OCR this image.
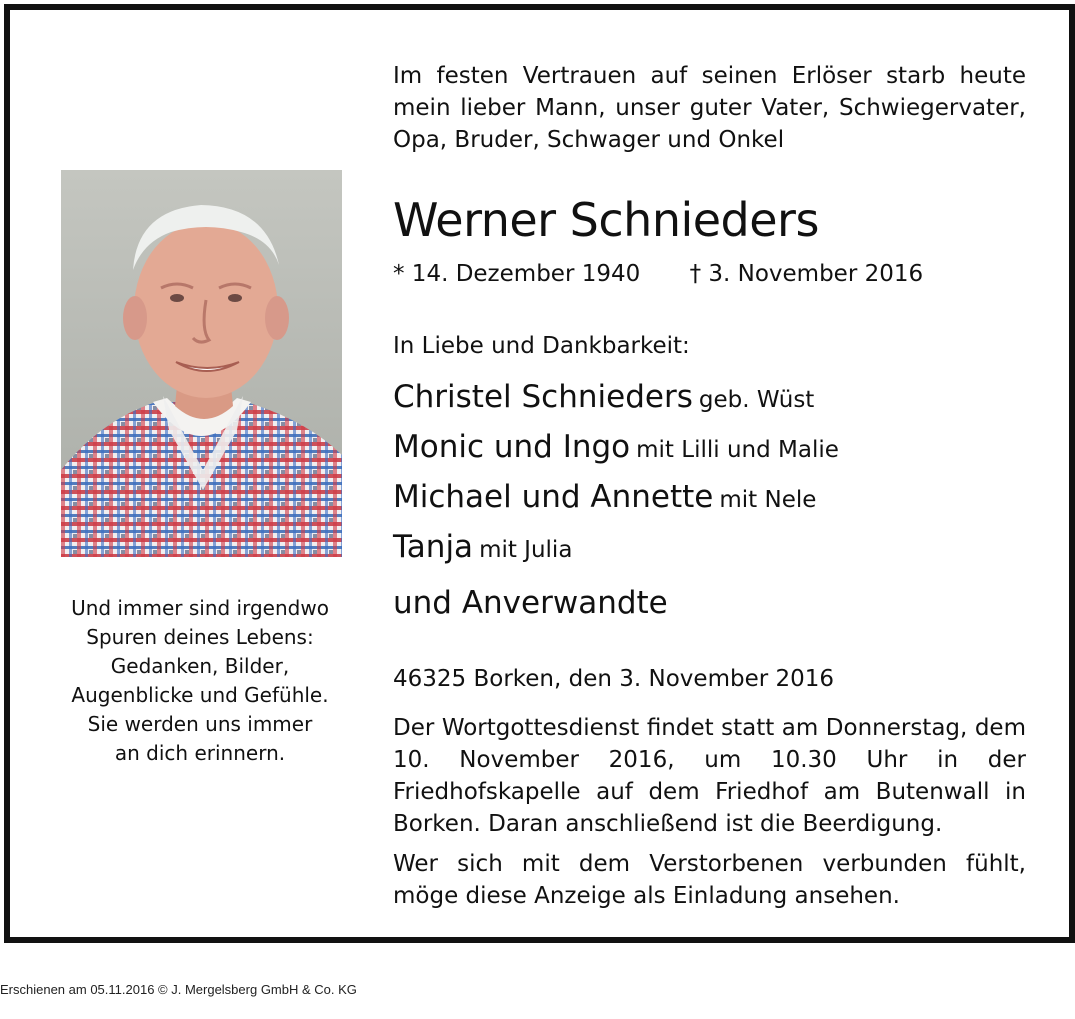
Im festen Vertrauen auf seinen Erlöser starb heute mein lieber Mann, unser guter Vater, Schwiegervater, Opa, Bruder, Schwager und Onkel
Werner Schnieders
* 14. Dezember 1940 † 3. November 2016
In Liebe und Dankbarkeit:
Christel Schnieders geb. Wüst
Monic und Ingo mit Lilli und Malie
Michael und Annette mit Nele
Tanja mit Julia
und Anverwandte
46325 Borken, den 3. November 2016
Der Wortgottesdienst findet statt am Donnerstag, dem 10. November 2016, um 10.30 Uhr in der Friedhofskapelle auf dem Friedhof am Butenwall in Borken. Daran anschließend ist die Beerdigung.
Wer sich mit dem Verstorbenen verbunden fühlt, möge diese Anzeige als Einladung ansehen.
Und immer sind irgendwo
Spuren deines Lebens:
Gedanken, Bilder,
Augenblicke und Gefühle.
Sie werden uns immer
an dich erinnern.
Erschienen am 05.11.2016 © J. Mergelsberg GmbH & Co. KG
